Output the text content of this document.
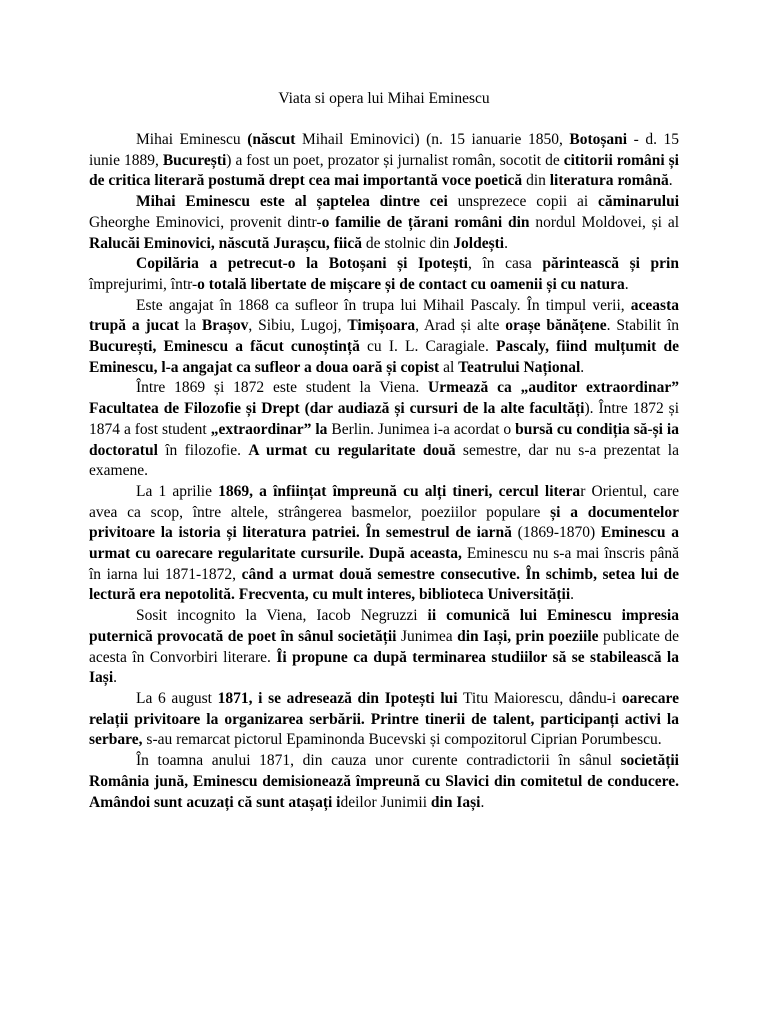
Viata si opera lui Mihai Eminescu

Mihai Eminescu (născut Mihail Eminovici) (n. 15 ianuarie 1850, Botoșani - d. 15 iunie 1889, București) a fost un poet, prozator și jurnalist român, socotit de cititorii români și de critica literară postumă drept cea mai importantă voce poetică din literatura română.

Mihai Eminescu este al șaptelea dintre cei unsprezece copii ai căminarului Gheorghe Eminovici, provenit dintr-o familie de țărani români din nordul Moldovei, și al Ralucăi Eminovici, născută Jurașcu, fiică de stolnic din Joldești.

Copilăria a petrecut-o la Botoșani și Ipotești, în casa părintească și prin împrejurimi, într-o totală libertate de mișcare și de contact cu oamenii și cu natura.

Este angajat în 1868 ca sufleor în trupa lui Mihail Pascaly. În timpul verii, aceasta trupă a jucat la Brașov, Sibiu, Lugoj, Timișoara, Arad și alte orașe bănățene. Stabilit în București, Eminescu a făcut cunoștință cu I. L. Caragiale. Pascaly, fiind mulțumit de Eminescu, l-a angajat ca sufleor a doua oară și copist al Teatrului Național.

Între 1869 și 1872 este student la Viena. Urmează ca „auditor extraordinar” Facultatea de Filozofie și Drept (dar audiază și cursuri de la alte facultăți). Între 1872 și 1874 a fost student „extraordinar” la Berlin. Junimea i-a acordat o bursă cu condiția să-și ia doctoratul în filozofie. A urmat cu regularitate două semestre, dar nu s-a prezentat la examene.

La 1 aprilie 1869, a înființat împreună cu alți tineri, cercul literar Orientul, care avea ca scop, între altele, strângerea basmelor, poeziilor populare și a documentelor privitoare la istoria și literatura patriei. În semestrul de iarnă (1869-1870) Eminescu a urmat cu oarecare regularitate cursurile. După aceasta, Eminescu nu s-a mai înscris până în iarna lui 1871-1872, când a urmat două semestre consecutive. În schimb, setea lui de lectură era nepotolită. Frecventa, cu mult interes, biblioteca Universității.

Sosit incognito la Viena, Iacob Negruzzi ii comunică lui Eminescu impresia puternică provocată de poet în sânul societății Junimea din Iași, prin poeziile publicate de acesta în Convorbiri literare. Îi propune ca după terminarea studiilor să se stabilească la Iași.

La 6 august 1871, i se adresează din Ipotești lui Titu Maiorescu, dându-i oarecare relații privitoare la organizarea serbării. Printre tinerii de talent, participanți activi la serbare, s-au remarcat pictorul Epaminonda Bucevski și compozitorul Ciprian Porumbescu.

În toamna anului 1871, din cauza unor curente contradictorii în sânul societății România jună, Eminescu demisionează împreună cu Slavici din comitetul de conducere. Amândoi sunt acuzați că sunt atașați ideilor Junimii din Iași.
